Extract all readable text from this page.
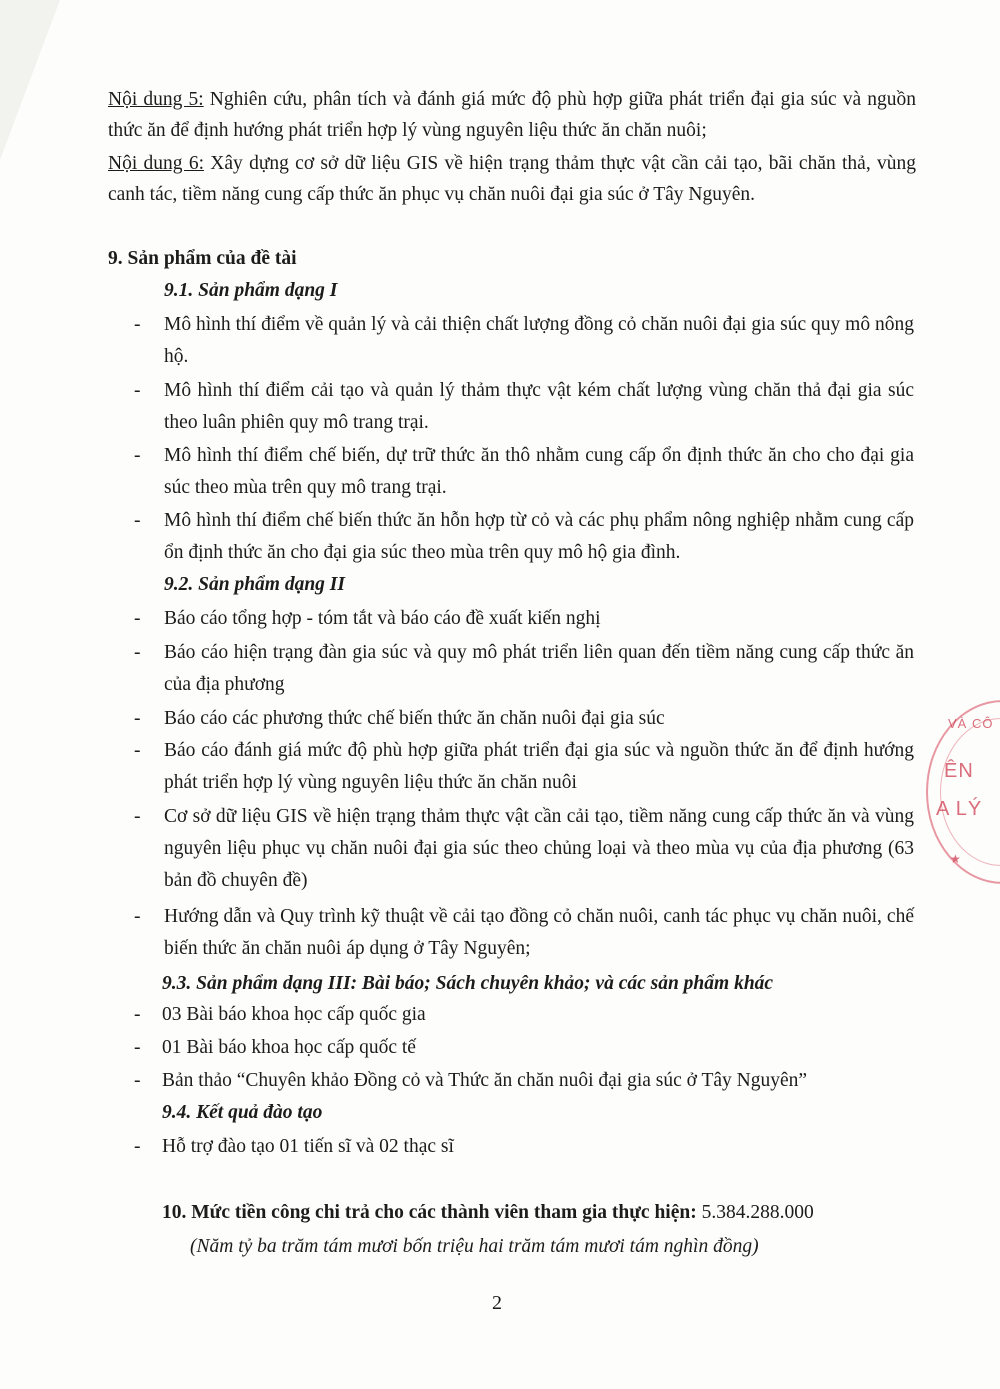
Nội dung 5: Nghiên cứu, phân tích và đánh giá mức độ phù hợp giữa phát triển đại gia súc và nguồn thức ăn để định hướng phát triển hợp lý vùng nguyên liệu thức ăn chăn nuôi;
Nội dung 6: Xây dựng cơ sở dữ liệu GIS về hiện trạng thảm thực vật cần cải tạo, bãi chăn thả, vùng canh tác, tiềm năng cung cấp thức ăn phục vụ chăn nuôi đại gia súc ở Tây Nguyên.
9. Sản phẩm của đề tài
9.1. Sản phẩm dạng I
- Mô hình thí điểm về quản lý và cải thiện chất lượng đồng cỏ chăn nuôi đại gia súc quy mô nông hộ.
- Mô hình thí điểm cải tạo và quản lý thảm thực vật kém chất lượng vùng chăn thả đại gia súc theo luân phiên quy mô trang trại.
- Mô hình thí điểm chế biến, dự trữ thức ăn thô nhằm cung cấp ổn định thức ăn cho cho đại gia súc theo mùa trên quy mô trang trại.
- Mô hình thí điểm chế biến thức ăn hỗn hợp từ cỏ và các phụ phẩm nông nghiệp nhằm cung cấp ổn định thức ăn cho đại gia súc theo mùa trên quy mô hộ gia đình.
9.2. Sản phẩm dạng II
- Báo cáo tổng hợp - tóm tắt và báo cáo đề xuất kiến nghị
- Báo cáo hiện trạng đàn gia súc và quy mô phát triển liên quan đến tiềm năng cung cấp thức ăn của địa phương
- Báo cáo các phương thức chế biến thức ăn chăn nuôi đại gia súc
- Báo cáo đánh giá mức độ phù hợp giữa phát triển đại gia súc và nguồn thức ăn để định hướng phát triển hợp lý vùng nguyên liệu thức ăn chăn nuôi
- Cơ sở dữ liệu GIS về hiện trạng thảm thực vật cần cải tạo, tiềm năng cung cấp thức ăn và vùng nguyên liệu phục vụ chăn nuôi đại gia súc theo chủng loại và theo mùa vụ của địa phương (63 bản đồ chuyên đề)
- Hướng dẫn và Quy trình kỹ thuật về cải tạo đồng cỏ chăn nuôi, canh tác phục vụ chăn nuôi, chế biến thức ăn chăn nuôi áp dụng ở Tây Nguyên;
9.3. Sản phẩm dạng III: Bài báo; Sách chuyên khảo; và các sản phẩm khác
- 03 Bài báo khoa học cấp quốc gia
- 01 Bài báo khoa học cấp quốc tế
- Bản thảo “Chuyên khảo Đồng cỏ và Thức ăn chăn nuôi đại gia súc ở Tây Nguyên”
9.4. Kết quả đào tạo
- Hỗ trợ đào tạo 01 tiến sĩ và 02 thạc sĩ
10. Mức tiền công chi trả cho các thành viên tham gia thực hiện: 5.384.288.000
(Năm tỷ ba trăm tám mươi bốn triệu hai trăm tám mươi tám nghìn đồng)
2
VÀ CÔ
ÊN
A LÝ
★
